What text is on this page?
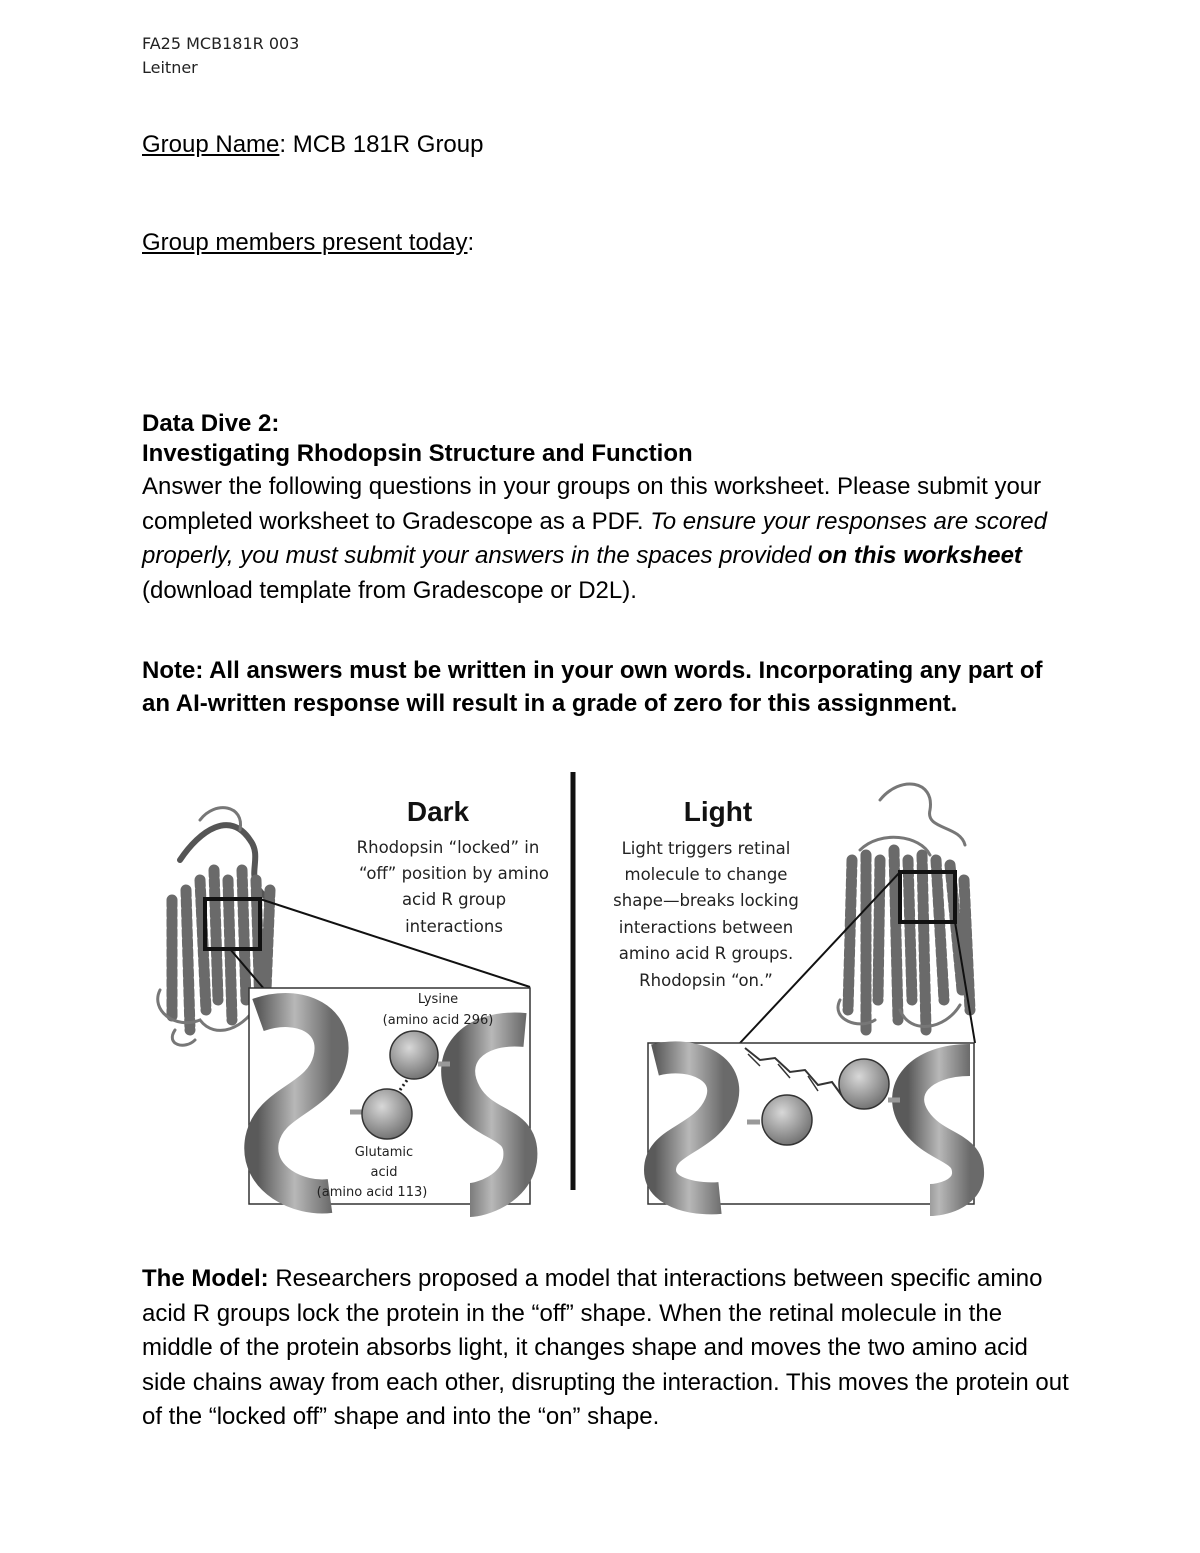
FA25 MCB181R 003
Leitner
Group Name: MCB 181R Group
Group members present today:
Data Dive 2:
Investigating Rhodopsin Structure and Function
Answer the following questions in your groups on this worksheet. Please submit your completed worksheet to Gradescope as a PDF. To ensure your responses are scored properly, you must submit your answers in the spaces provided on this worksheet (download template from Gradescope or D2L).
Note: All answers must be written in your own words. Incorporating any part of an AI-written response will result in a grade of zero for this assignment.
Dark
Rhodopsin “locked” in
“off” position by amino
acid R group
interactions
Lysine
(amino acid 296)
Glutamic
acid
(amino acid 113)
Light
Light triggers retinal
molecule to change
shape—breaks locking
interactions between
amino acid R groups.
Rhodopsin “on.”
The Model: Researchers proposed a model that interactions between specific amino acid R groups lock the protein in the “off” shape. When the retinal molecule in the middle of the protein absorbs light, it changes shape and moves the two amino acid side chains away from each other, disrupting the interaction. This moves the protein out of the “locked off” shape and into the “on” shape.
